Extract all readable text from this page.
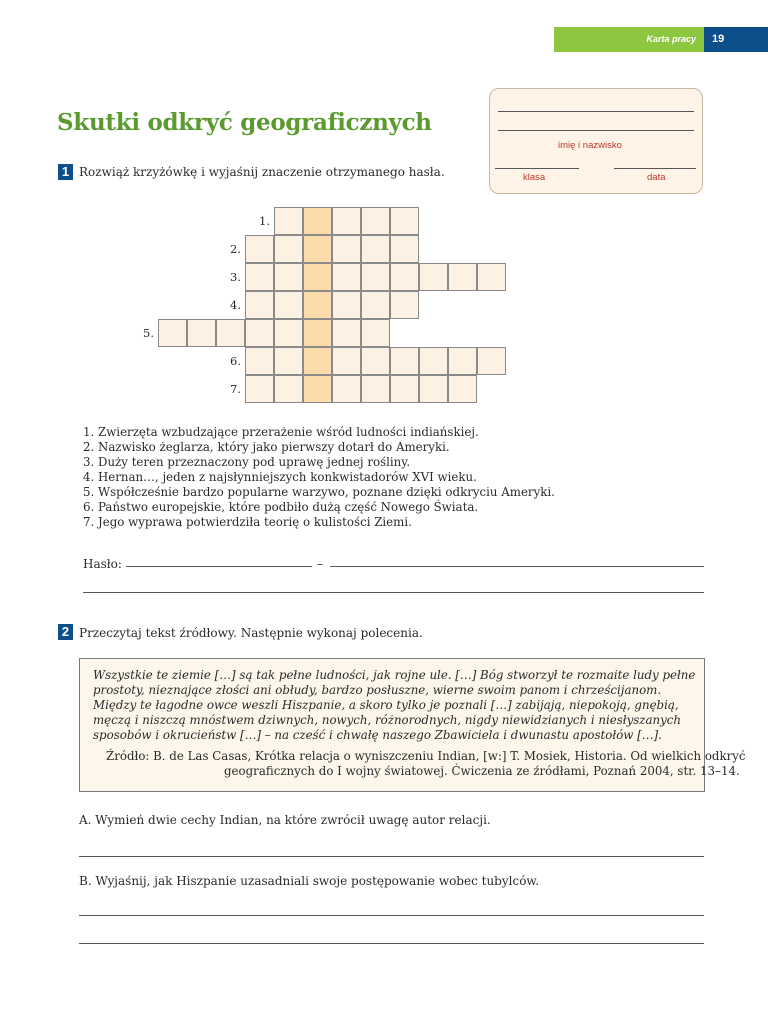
Karta pracy 19
Skutki odkryć geograficznych
imię i nazwisko
klasa	data
1 Rozwiąż krzyżówkę i wyjaśnij znaczenie otrzymanego hasła.
1.
2.
3.
4.
5.
6.
7.
1. Zwierzęta wzbudzające przerażenie wśród ludności indiańskiej.
2. Nazwisko żeglarza, który jako pierwszy dotarł do Ameryki.
3. Duży teren przeznaczony pod uprawę jednej rośliny.
4. Hernan…, jeden z najsłynniejszych konkwistadorów XVI wieku.
5. Współcześnie bardzo popularne warzywo, poznane dzięki odkryciu Ameryki.
6. Państwo europejskie, które podbiło dużą część Nowego Świata.
7. Jego wyprawa potwierdziła teorię o kulistości Ziemi.
Hasło:	–
2 Przeczytaj tekst źródłowy. Następnie wykonaj polecenia.
Wszystkie te ziemie […] są tak pełne ludności, jak rojne ule. […] Bóg stworzył te rozmaite ludy pełne
prostoty, nieznające złości ani obłudy, bardzo posłuszne, wierne swoim panom i chrześcijanom.
Między te łagodne owce weszli Hiszpanie, a skoro tylko je poznali […] zabijają, niepokoją, gnębią,
męczą i niszczą mnóstwem dziwnych, nowych, różnorodnych, nigdy niewidzianych i niesłyszanych
sposobów i okrucieństw […] – na cześć i chwałę naszego Zbawiciela i dwunastu apostołów […].
Źródło: B. de Las Casas, Krótka relacja o wyniszczeniu Indian, [w:] T. Mosiek, Historia. Od wielkich odkryć
geograficznych do I wojny światowej. Ćwiczenia ze źródłami, Poznań 2004, str. 13–14.
A. Wymień dwie cechy Indian, na które zwrócił uwagę autor relacji.
B. Wyjaśnij, jak Hiszpanie uzasadniali swoje postępowanie wobec tubylców.
